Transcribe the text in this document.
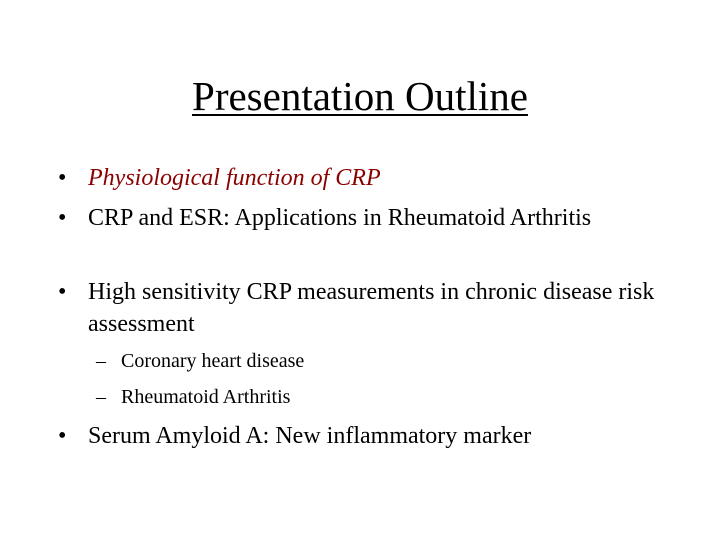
Presentation Outline
• Physiological function of CRP
• CRP and ESR: Applications in Rheumatoid Arthritis
• High sensitivity CRP measurements in chronic disease risk assessment
– Coronary heart disease
– Rheumatoid Arthritis
• Serum Amyloid A: New inflammatory marker
